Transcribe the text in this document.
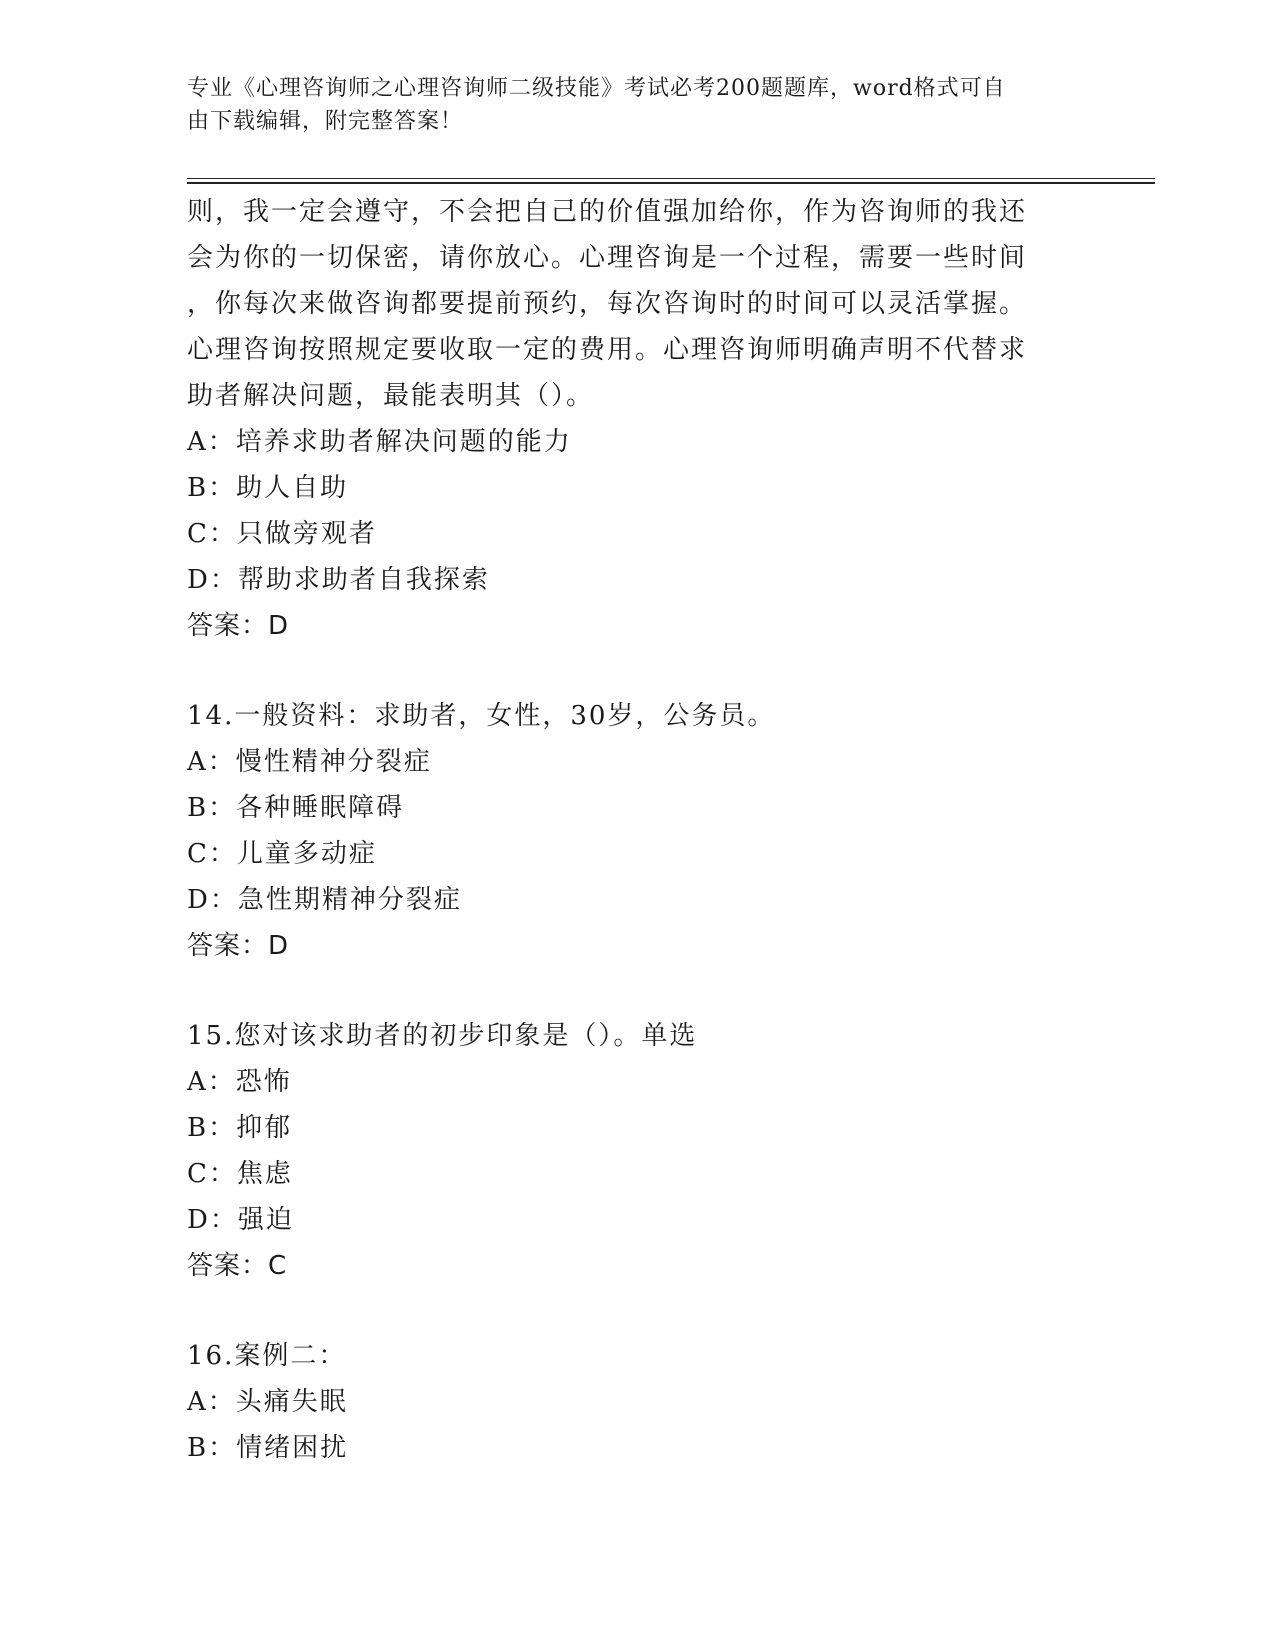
专业《心理咨询师之心理咨询师二级技能》考试必考200题题库，word格式可自
由下载编辑，附完整答案！
则，我一定会遵守，不会把自己的价值强加给你，作为咨询师的我还
会为你的一切保密，请你放心。心理咨询是一个过程，需要一些时间
，你每次来做咨询都要提前预约，每次咨询时的时间可以灵活掌握。
心理咨询按照规定要收取一定的费用。心理咨询师明确声明不代替求
助者解决问题，最能表明其（）。
A：培养求助者解决问题的能力
B：助人自助
C：只做旁观者
D：帮助求助者自我探索
答案：D
14.一般资料：求助者，女性，30岁，公务员。
A：慢性精神分裂症
B：各种睡眠障碍
C：儿童多动症
D：急性期精神分裂症
答案：D
15.您对该求助者的初步印象是（）。单选
A：恐怖
B：抑郁
C：焦虑
D：强迫
答案：C
16.案例二：
A：头痛失眠
B：情绪困扰
